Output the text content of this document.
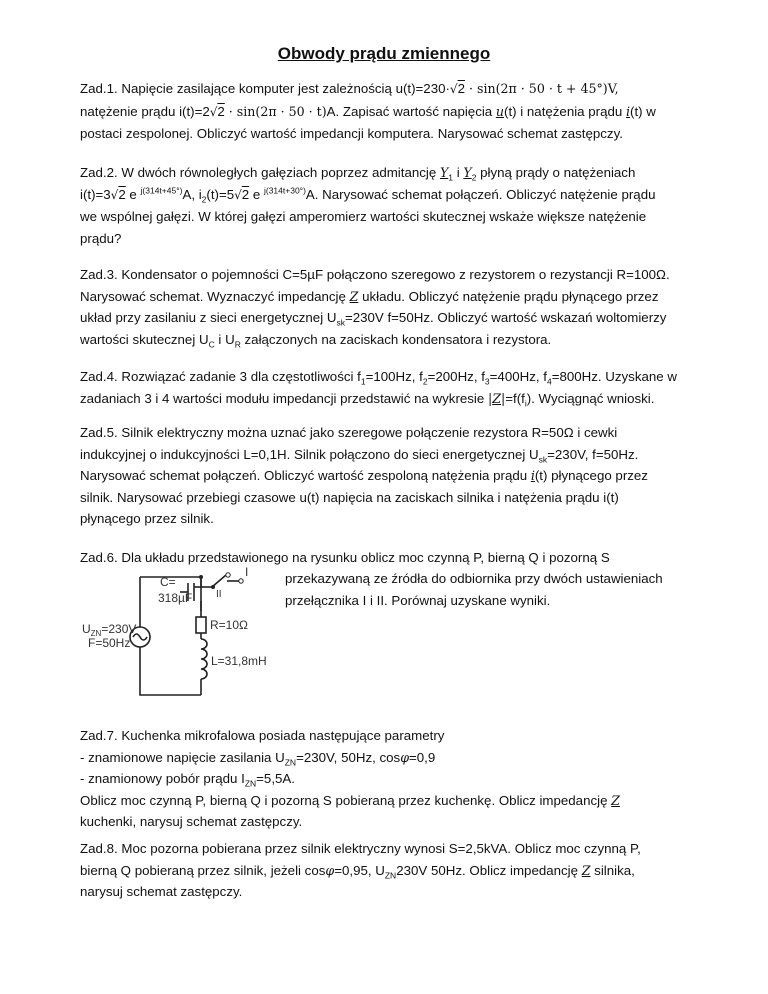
Obwody prądu zmiennego
Zad.1. Napięcie zasilające komputer jest zależnością u(t)=230·√2 · sin(2π · 50 · t + 45°)V,
natężenie prądu i(t)=2√2 · sin(2π · 50 · t)A. Zapisać wartość napięcia u(t) i natężenia prądu i(t) w
postaci zespolonej. Obliczyć wartość impedancji komputera. Narysować schemat zastępczy.
Zad.2. W dwóch równoległych gałęziach poprzez admitancję $Y_1$ i $Y_2$ płyną prądy o natężeniach
i(t)=3√2 e $^{j(314t+45^\circ)}$A, $i_2(t)=5√2$ e $^{j(314t+30^\circ)}$A. Narysować schemat połączeń. Obliczyć natężenie prądu
we wspólnej gałęzi. W której gałęzi amperomierz wartości skutecznej wskaże większe natężenie
prądu?
Zad.3. Kondensator o pojemności C=5µF połączono szeregowo z rezystorem o rezystancji R=100Ω.
Narysować schemat. Wyznaczyć impedancję Z układu. Obliczyć natężenie prądu płynącego przez
układ przy zasilaniu z sieci energetycznej $U_{sk}=230V$ f=50Hz. Obliczyć wartość wskazań woltomierzy
wartości skutecznej $U_C$ i $U_R$ załączonych na zaciskach kondensatora i rezystora.
Zad.4. Rozwiązać zadanie 3 dla częstotliwości $f_1=100Hz$, $f_2=200Hz$, $f_3=400Hz$, $f_4=800Hz$. Uzyskane w
zadaniach 3 i 4 wartości modułu impedancji przedstawić na wykresie $|Z|=f(f_i)$. Wyciągnąć wnioski.
Zad.5. Silnik elektryczny można uznać jako szeregowe połączenie rezystora R=50Ω i cewki
indukcyjnej o indukcyjności L=0,1H. Silnik połączono do sieci energetycznej $U_{sk}=230V$, f=50Hz.
Narysować schemat połączeń. Obliczyć wartość zespoloną natężenia prądu i(t) płynącego przez
silnik. Narysować przebiegi czasowe u(t) napięcia na zaciskach silnika i natężenia prądu i(t)
płynącego przez silnik.
Zad.6. Dla układu przedstawionego na rysunku oblicz moc czynną P, bierną Q i pozorną S
przekazywaną ze źródła do odbiornika przy dwóch ustawieniach
przełącznika I i II. Porównaj uzyskane wyniki.
C=
318µF
I
II
$U_{ZN}=230V$
F=50Hz
R=10Ω
L=31,8mH
Zad.7. Kuchenka mikrofalowa posiada następujące parametry
- znamionowe napięcie zasilania $U_{ZN}=230V$, 50Hz, cosφ=0,9
- znamionowy pobór prądu $I_{ZN}=5,5A$.
Oblicz moc czynną P, bierną Q i pozorną S pobieraną przez kuchenkę. Oblicz impedancję Z
kuchenki, narysuj schemat zastępczy.
Zad.8. Moc pozorna pobierana przez silnik elektryczny wynosi S=2,5kVA. Oblicz moc czynną P,
bierną Q pobieraną przez silnik, jeżeli cosφ=0,95, $U_{ZN}230V$ 50Hz. Oblicz impedancję Z silnika,
narysuj schemat zastępczy.
